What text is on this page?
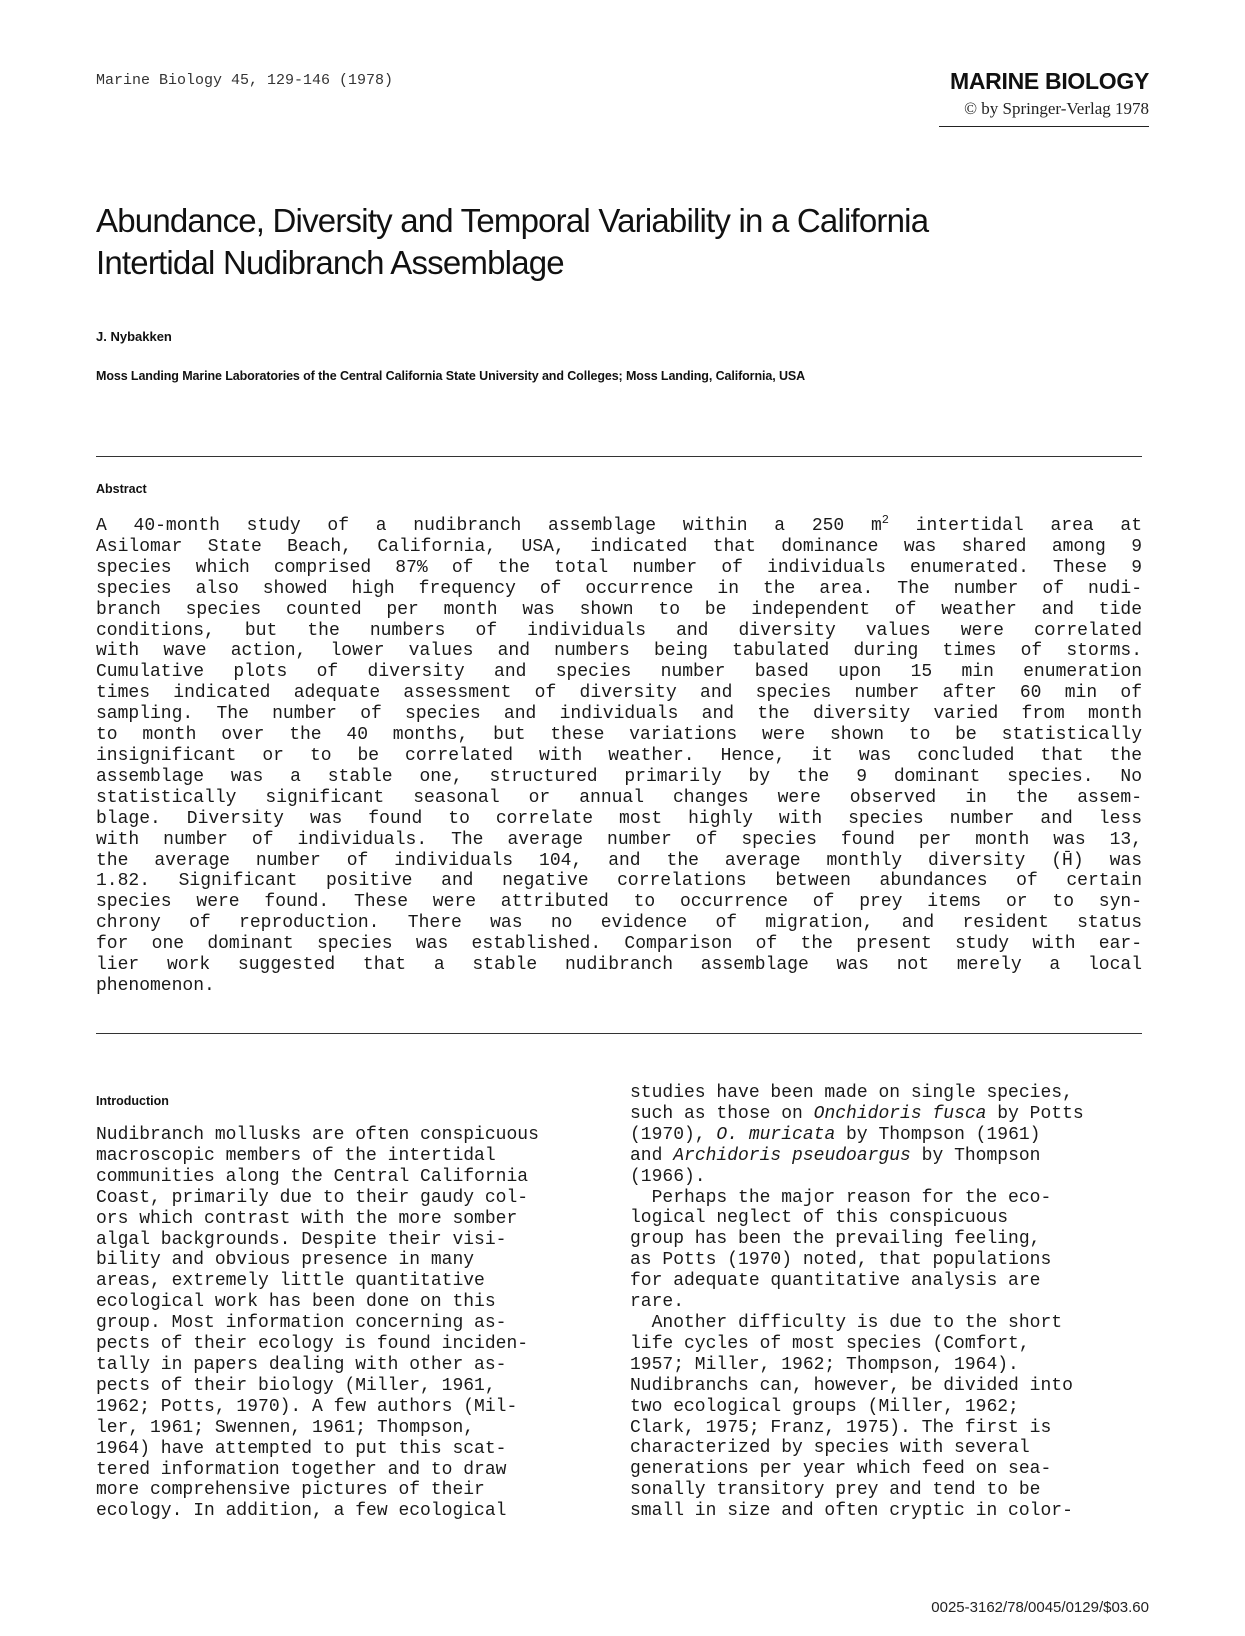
Marine Biology 45, 129-146 (1978)	MARINE BIOLOGY
© by Springer-Verlag 1978
Abundance, Diversity and Temporal Variability in a California
Intertidal Nudibranch Assemblage
J. Nybakken
Moss Landing Marine Laboratories of the Central California State University and Colleges; Moss Landing, California, USA
Abstract
A 40-month study of a nudibranch assemblage within a 250 $m^2$ intertidal area at
Asilomar State Beach, California, USA, indicated that dominance was shared among 9
species which comprised 87% of the total number of individuals enumerated. These 9
species also showed high frequency of occurrence in the area. The number of nudi-
branch species counted per month was shown to be independent of weather and tide
conditions, but the numbers of individuals and diversity values were correlated
with wave action, lower values and numbers being tabulated during times of storms.
Cumulative plots of diversity and species number based upon 15 min enumeration
times indicated adequate assessment of diversity and species number after 60 min of
sampling. The number of species and individuals and the diversity varied from month
to month over the 40 months, but these variations were shown to be statistically
insignificant or to be correlated with weather. Hence, it was concluded that the
assemblage was a stable one, structured primarily by the 9 dominant species. No
statistically significant seasonal or annual changes were observed in the assem-
blage. Diversity was found to correlate most highly with species number and less
with number of individuals. The average number of species found per month was 13,
the average number of individuals 104, and the average monthly diversity (H̄) was
1.82. Significant positive and negative correlations between abundances of certain
species were found. These were attributed to occurrence of prey items or to syn-
chrony of reproduction. There was no evidence of migration, and resident status
for one dominant species was established. Comparison of the present study with ear-
lier work suggested that a stable nudibranch assemblage was not merely a local
phenomenon.
Introduction
Nudibranch mollusks are often conspicuous
macroscopic members of the intertidal
communities along the Central California
Coast, primarily due to their gaudy col-
ors which contrast with the more somber
algal backgrounds. Despite their visi-
bility and obvious presence in many
areas, extremely little quantitative
ecological work has been done on this
group. Most information concerning as-
pects of their ecology is found inciden-
tally in papers dealing with other as-
pects of their biology (Miller, 1961,
1962; Potts, 1970). A few authors (Mil-
ler, 1961; Swennen, 1961; Thompson,
1964) have attempted to put this scat-
tered information together and to draw
more comprehensive pictures of their
ecology. In addition, a few ecological
studies have been made on single species,
such as those on Onchidoris fusca by Potts
(1970), O. muricata by Thompson (1961)
and Archidoris pseudoargus by Thompson
(1966).
Perhaps the major reason for the eco-
logical neglect of this conspicuous
group has been the prevailing feeling,
as Potts (1970) noted, that populations
for adequate quantitative analysis are
rare.
Another difficulty is due to the short
life cycles of most species (Comfort,
1957; Miller, 1962; Thompson, 1964).
Nudibranchs can, however, be divided into
two ecological groups (Miller, 1962;
Clark, 1975; Franz, 1975). The first is
characterized by species with several
generations per year which feed on sea-
sonally transitory prey and tend to be
small in size and often cryptic in color-
0025-3162/78/0045/0129/$03.60
